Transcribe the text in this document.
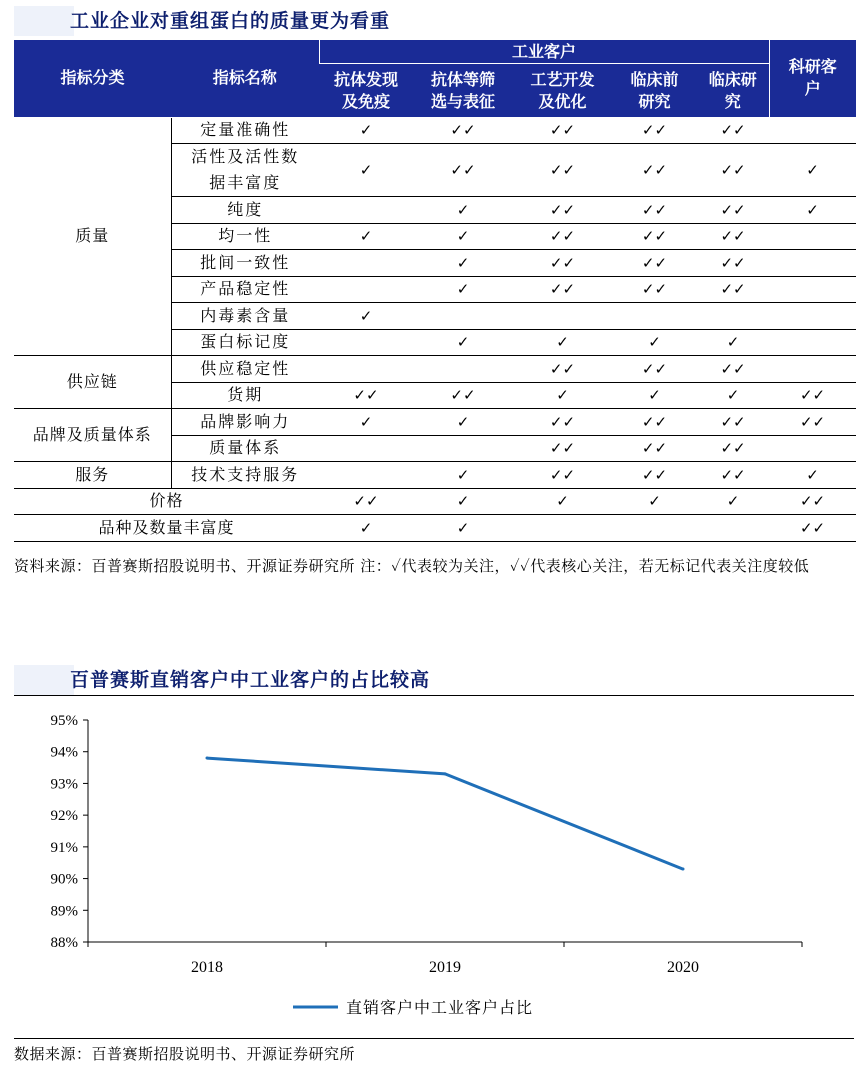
工业企业对重组蛋白的质量更为看重
指标分类	指标名称	工业客户					科研客
户
		抗体发现
及免疫	抗体等筛
选与表征	工艺开发
及优化	临床前
研究	临床研
究	
质量	定量准确性	✓	✓✓	✓✓	✓✓	✓✓	
	活性及活性数
据丰富度	✓	✓✓	✓✓	✓✓	✓✓	✓
	纯度		✓	✓✓	✓✓	✓✓	✓
	均一性	✓	✓	✓✓	✓✓	✓✓	
	批间一致性		✓	✓✓	✓✓	✓✓	
	产品稳定性		✓	✓✓	✓✓	✓✓	
	内毒素含量	✓					
	蛋白标记度		✓	✓	✓	✓	
供应链	供应稳定性			✓✓	✓✓	✓✓	
	货期	✓✓	✓✓	✓	✓	✓	✓✓
品牌及质量体系	品牌影响力	✓	✓	✓✓	✓✓	✓✓	✓✓
	质量体系			✓✓	✓✓	✓✓	
服务	技术支持服务		✓	✓✓	✓✓	✓✓	✓
价格		✓✓	✓	✓	✓	✓	✓✓
品种及数量丰富度		✓	✓				✓✓
资料来源：百普赛斯招股说明书、开源证券研究所 注：✓代表较为关注，✓✓代表核心关注，若无标记代表关注度较低
百普赛斯直销客户中工业客户的占比较高
88%
89%
90%
91%
92%
93%
94%
95%
2018	2019	2020
直销客户中工业客户占比
数据来源：百普赛斯招股说明书、开源证券研究所
